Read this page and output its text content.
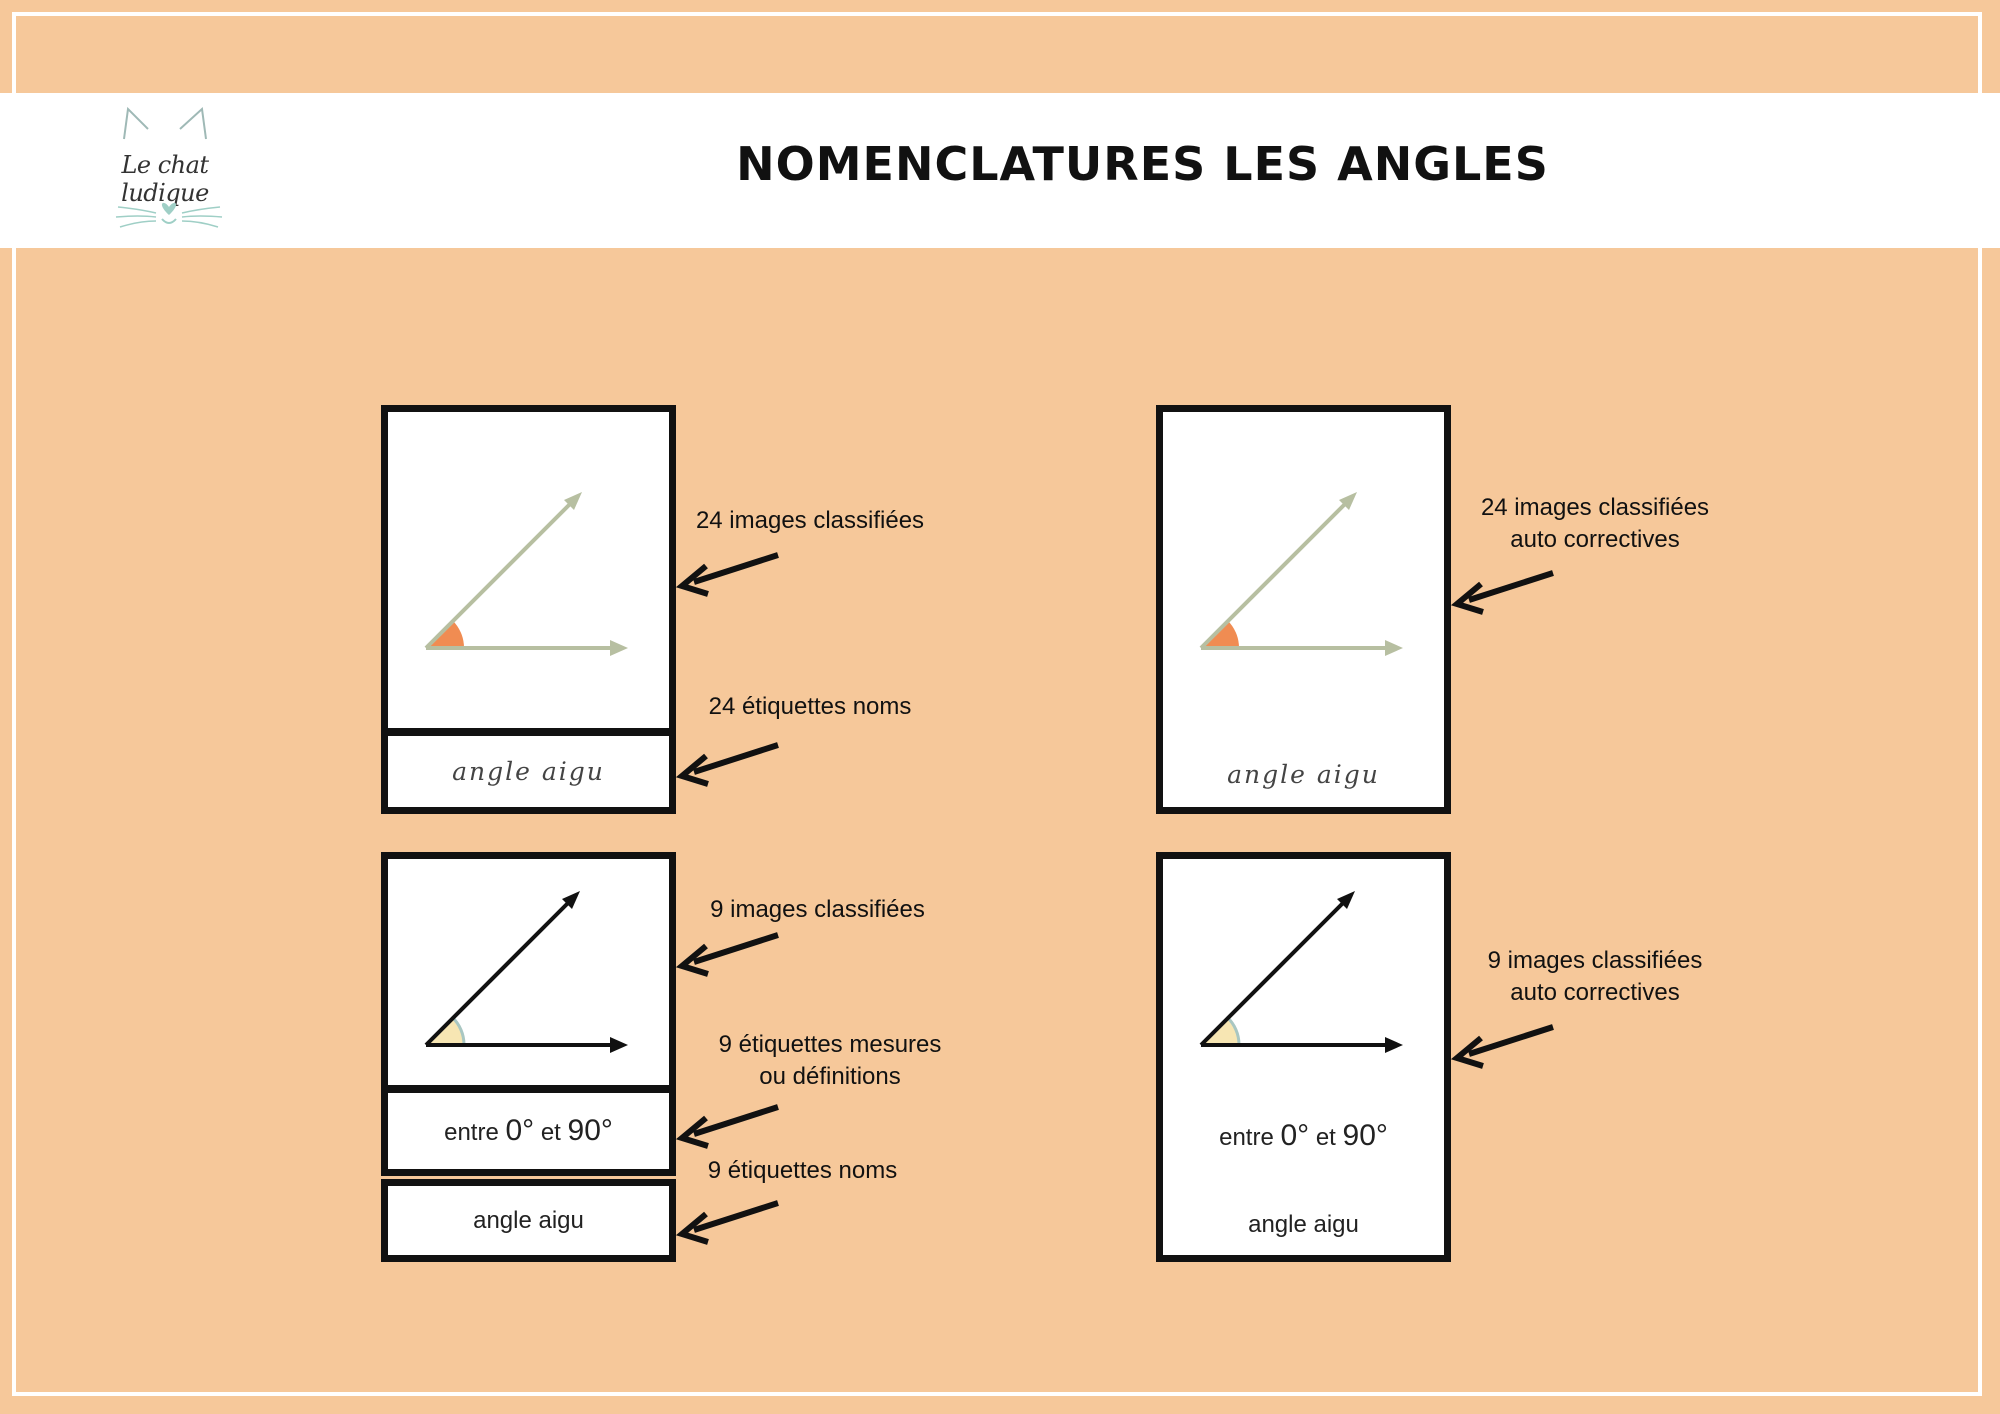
Le chat ludique
NOMENCLATURES LES ANGLES
angle aigu	angle aigu
entre 0° et 90°
angle aigu
entre 0° et 90°
angle aigu
24 images classifiées
24 étiquettes noms
24 images classifiées
auto correctives
9 images classifiées
9 étiquettes mesures
ou définitions
9 étiquettes noms
9 images classifiées
auto correctives
